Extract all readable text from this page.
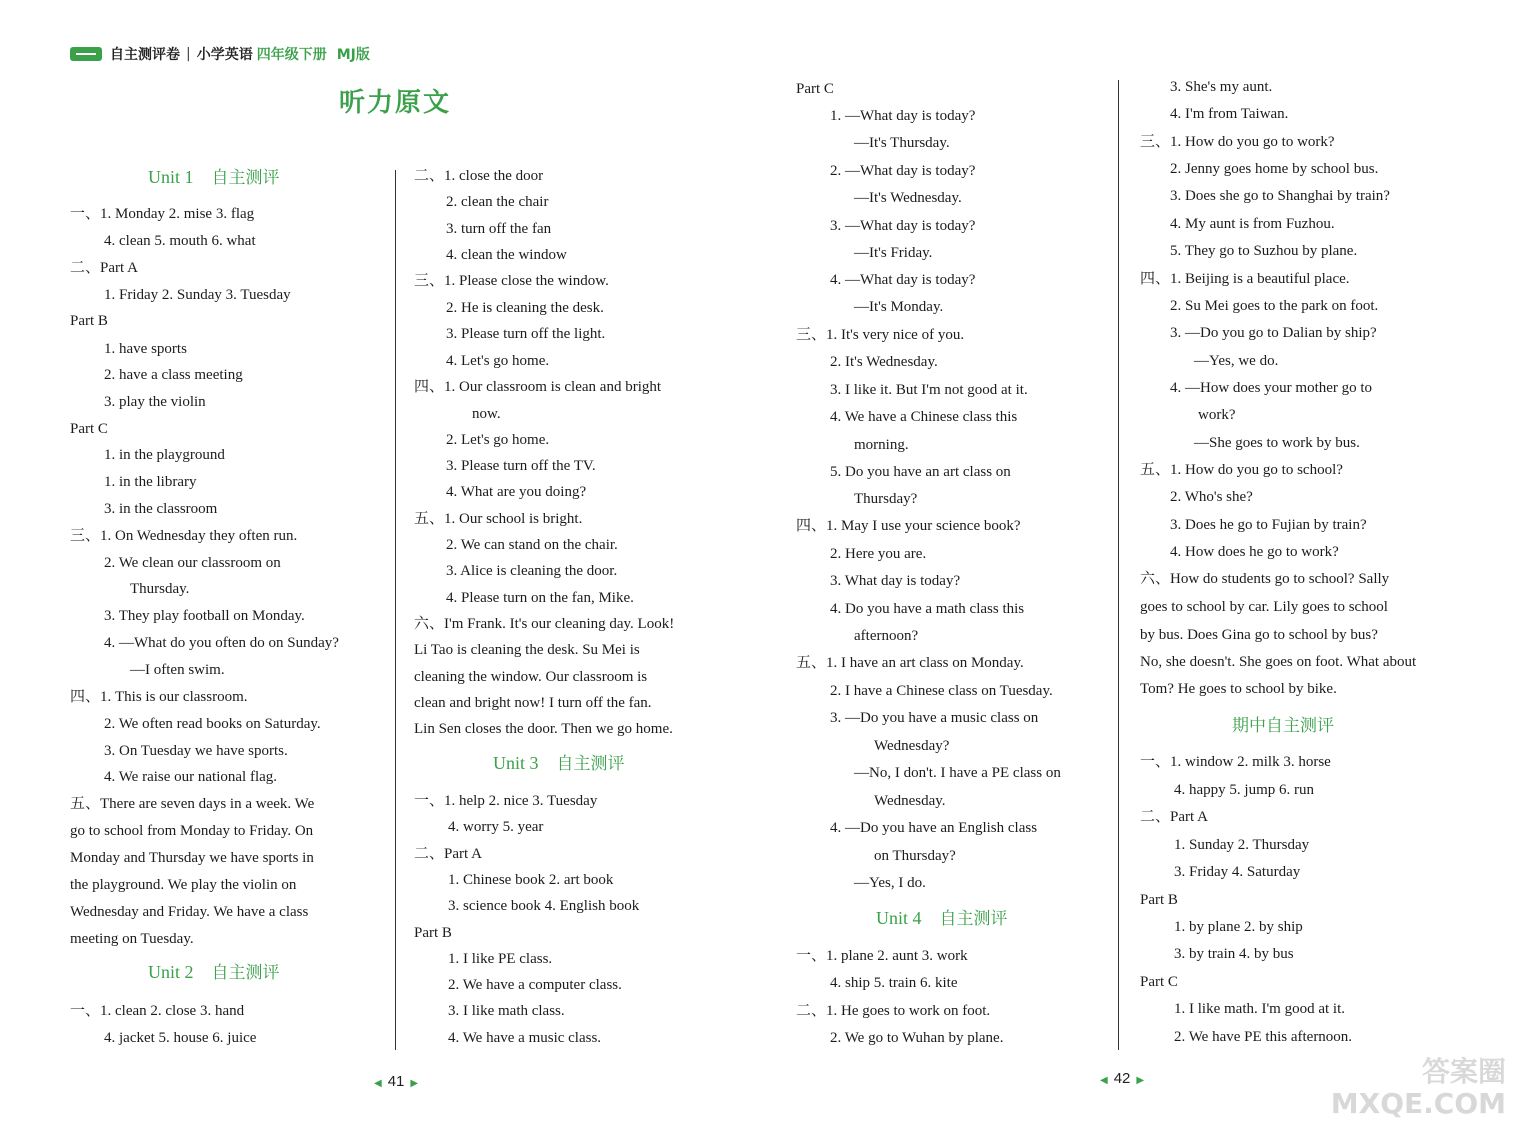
自主测评卷 | 小学英语 四年级下册 MJ版
听力原文
Unit 1 自主测评
Unit 2 自主测评
Unit 3 自主测评
Unit 4 自主测评
期中自主测评
一、1. Monday 2. mise 3. flag
4. clean 5. mouth 6. what
二、Part A
1. Friday 2. Sunday 3. Tuesday
Part B
1. have sports
2. have a class meeting
3. play the violin
Part C
1. in the playground
1. in the library
3. in the classroom
三、1. On Wednesday they often run.
2. We clean our classroom on
Thursday.
3. They play football on Monday.
4. —What do you often do on Sunday?
—I often swim.
四、1. This is our classroom.
2. We often read books on Saturday.
3. On Tuesday we have sports.
4. We raise our national flag.
五、There are seven days in a week. We
go to school from Monday to Friday. On
Monday and Thursday we have sports in
the playground. We play the violin on
Wednesday and Friday. We have a class
meeting on Tuesday.
一、1. clean 2. close 3. hand
4. jacket 5. house 6. juice
二、1. close the door
2. clean the chair
3. turn off the fan
4. clean the window
三、1. Please close the window.
2. He is cleaning the desk.
3. Please turn off the light.
4. Let's go home.
四、1. Our classroom is clean and bright
now.
2. Let's go home.
3. Please turn off the TV.
4. What are you doing?
五、1. Our school is bright.
2. We can stand on the chair.
3. Alice is cleaning the door.
4. Please turn on the fan, Mike.
六、I'm Frank. It's our cleaning day. Look!
Li Tao is cleaning the desk. Su Mei is
cleaning the window. Our classroom is
clean and bright now! I turn off the fan.
Lin Sen closes the door. Then we go home.
一、1. help 2. nice 3. Tuesday
4. worry 5. year
二、Part A
1. Chinese book 2. art book
3. science book 4. English book
Part B
1. I like PE class.
2. We have a computer class.
3. I like math class.
4. We have a music class.
Part C
1. —What day is today?
—It's Thursday.
2. —What day is today?
—It's Wednesday.
3. —What day is today?
—It's Friday.
4. —What day is today?
—It's Monday.
三、1. It's very nice of you.
2. It's Wednesday.
3. I like it. But I'm not good at it.
4. We have a Chinese class this
morning.
5. Do you have an art class on
Thursday?
四、1. May I use your science book?
2. Here you are.
3. What day is today?
4. Do you have a math class this
afternoon?
五、1. I have an art class on Monday.
2. I have a Chinese class on Tuesday.
3. —Do you have a music class on
Wednesday?
—No, I don't. I have a PE class on
Wednesday.
4. —Do you have an English class
on Thursday?
—Yes, I do.
一、1. plane 2. aunt 3. work
4. ship 5. train 6. kite
二、1. He goes to work on foot.
2. We go to Wuhan by plane.
3. She's my aunt.
4. I'm from Taiwan.
三、1. How do you go to work?
2. Jenny goes home by school bus.
3. Does she go to Shanghai by train?
4. My aunt is from Fuzhou.
5. They go to Suzhou by plane.
四、1. Beijing is a beautiful place.
2. Su Mei goes to the park on foot.
3. —Do you go to Dalian by ship?
—Yes, we do.
4. —How does your mother go to
work?
—She goes to work by bus.
五、1. How do you go to school?
2. Who's she?
3. Does he go to Fujian by train?
4. How does he go to work?
六、How do students go to school? Sally
goes to school by car. Lily goes to school
by bus. Does Gina go to school by bus?
No, she doesn't. She goes on foot. What about
Tom? He goes to school by bike.
一、1. window 2. milk 3. horse
4. happy 5. jump 6. run
二、Part A
1. Sunday 2. Thursday
3. Friday 4. Saturday
Part B
1. by plane 2. by ship
3. by train 4. by bus
Part C
1. I like math. I'm good at it.
2. We have PE this afternoon.
◀ 41 ▶	◀ 42 ▶	答案圈
MXQE.COM
